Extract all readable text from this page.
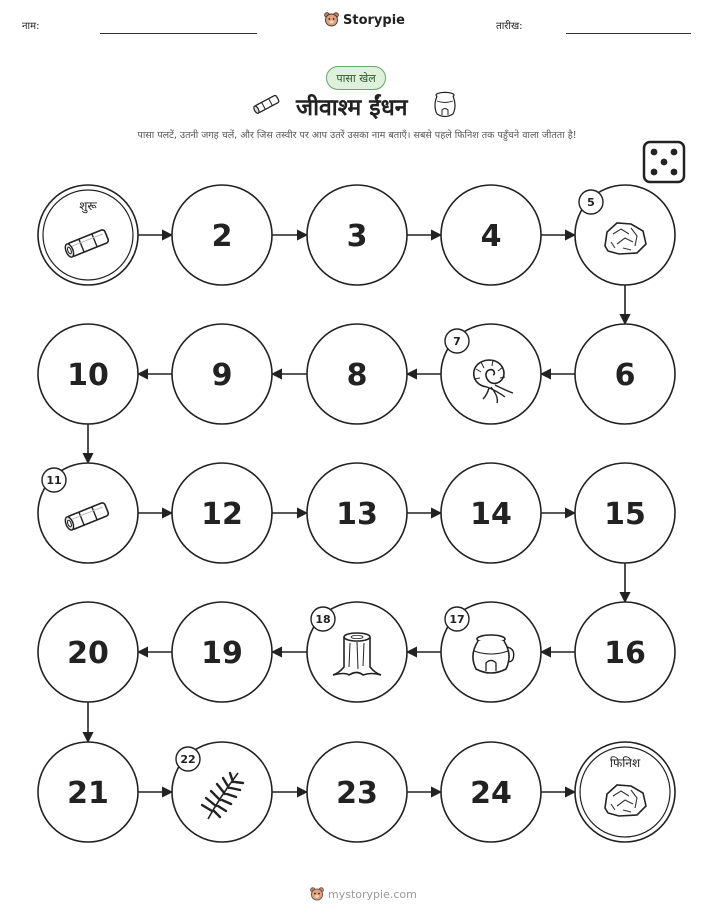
नाम:	Storypie	तारीख:
पासा खेल
जीवाश्म ईंधन
पासा पलटें, उतनी जगह चलें, और जिस तस्वीर पर आप उतरें उसका नाम बताएँ। सबसे पहले फिनिश तक पहुँचने वाला जीतता है!
शुरू
2	3	4
5
6
7
8
9
10
11
12	13	14	15
16
17
18
19
20
21
22
23	24
फिनिश
mystorypie.com
